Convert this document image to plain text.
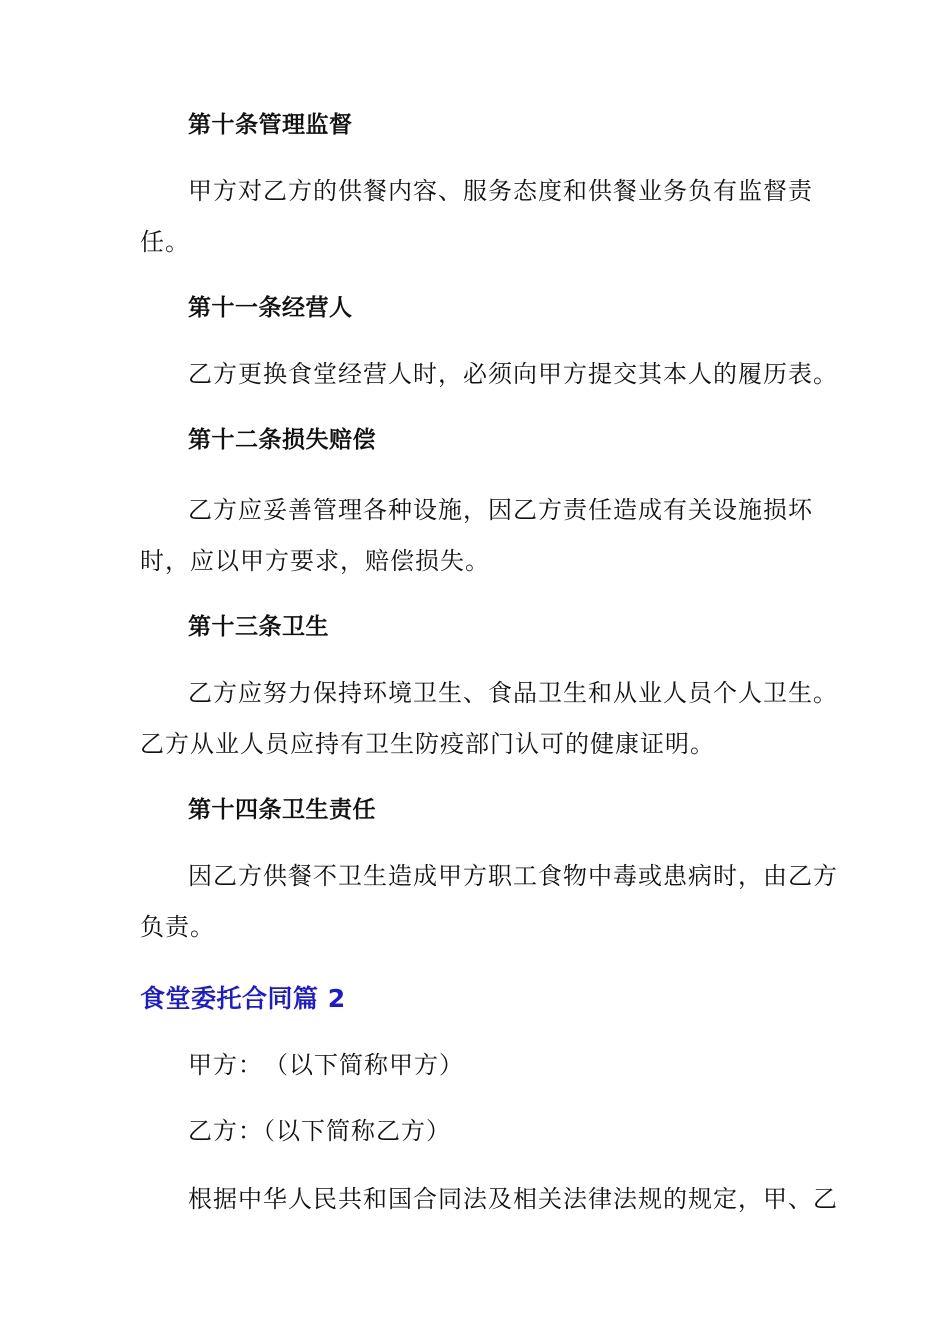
第十条管理监督
甲方对乙方的供餐内容、服务态度和供餐业务负有监督责
任。
第十一条经营人
乙方更换食堂经营人时，必须向甲方提交其本人的履历表。
第十二条损失赔偿
乙方应妥善管理各种设施，因乙方责任造成有关设施损坏
时，应以甲方要求，赔偿损失。
第十三条卫生
乙方应努力保持环境卫生、食品卫生和从业人员个人卫生。
乙方从业人员应持有卫生防疫部门认可的健康证明。
第十四条卫生责任
因乙方供餐不卫生造成甲方职工食物中毒或患病时，由乙方
负责。
食堂委托合同篇 2
甲方：　（以下简称甲方）
乙方：（以下简称乙方）
根据中华人民共和国合同法及相关法律法规的规定，甲、乙
